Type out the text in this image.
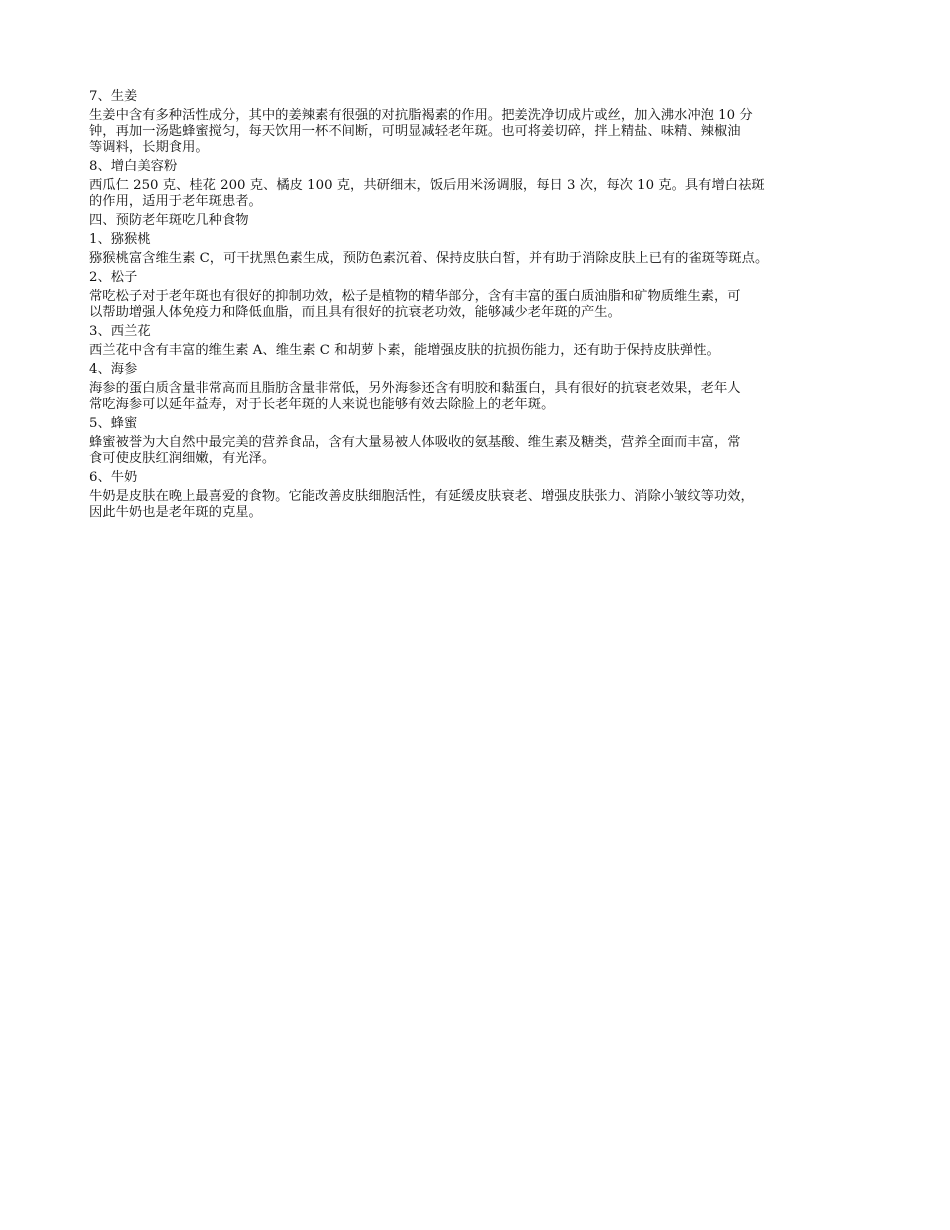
7、生姜
生姜中含有多种活性成分，其中的姜辣素有很强的对抗脂褐素的作用。把姜洗净切成片或丝，加入沸水冲泡 10 分
钟，再加一汤匙蜂蜜搅匀，每天饮用一杯不间断，可明显减轻老年斑。也可将姜切碎，拌上精盐、味精、辣椒油
等调料，长期食用。
8、增白美容粉
西瓜仁 250 克、桂花 200 克、橘皮 100 克，共研细末，饭后用米汤调服，每日 3 次，每次 10 克。具有增白祛斑
的作用，适用于老年斑患者。
四、预防老年斑吃几种食物
1、猕猴桃
猕猴桃富含维生素 C，可干扰黑色素生成，预防色素沉着、保持皮肤白皙，并有助于消除皮肤上已有的雀斑等斑点。
2、松子
常吃松子对于老年斑也有很好的抑制功效，松子是植物的精华部分，含有丰富的蛋白质油脂和矿物质维生素，可
以帮助增强人体免疫力和降低血脂，而且具有很好的抗衰老功效，能够减少老年斑的产生。
3、西兰花
西兰花中含有丰富的维生素 A、维生素 C 和胡萝卜素，能增强皮肤的抗损伤能力，还有助于保持皮肤弹性。
4、海参
海参的蛋白质含量非常高而且脂肪含量非常低，另外海参还含有明胶和黏蛋白，具有很好的抗衰老效果，老年人
常吃海参可以延年益寿，对于长老年斑的人来说也能够有效去除脸上的老年斑。
5、蜂蜜
蜂蜜被誉为大自然中最完美的营养食品，含有大量易被人体吸收的氨基酸、维生素及糖类，营养全面而丰富，常
食可使皮肤红润细嫩，有光泽。
6、牛奶
牛奶是皮肤在晚上最喜爱的食物。它能改善皮肤细胞活性，有延缓皮肤衰老、增强皮肤张力、消除小皱纹等功效，
因此牛奶也是老年斑的克星。
